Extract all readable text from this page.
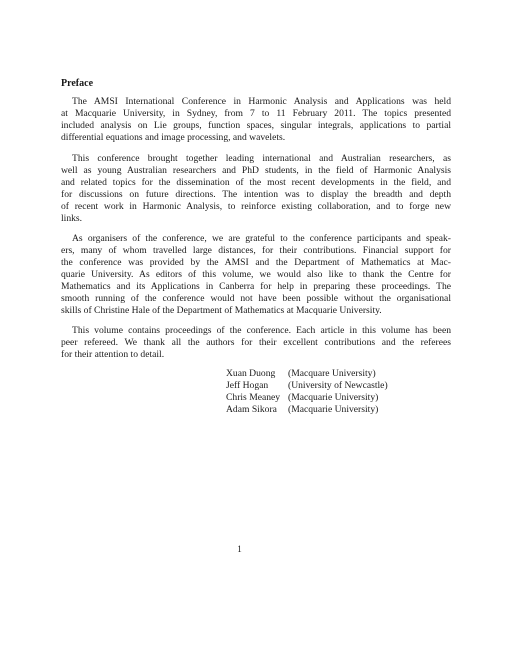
Preface
The AMSI International Conference in Harmonic Analysis and Applications was held
at Macquarie University, in Sydney, from 7 to 11 February 2011. The topics presented
included analysis on Lie groups, function spaces, singular integrals, applications to partial
differential equations and image processing, and wavelets.
This conference brought together leading international and Australian researchers, as
well as young Australian researchers and PhD students, in the field of Harmonic Analysis
and related topics for the dissemination of the most recent developments in the field, and
for discussions on future directions. The intention was to display the breadth and depth
of recent work in Harmonic Analysis, to reinforce existing collaboration, and to forge new
links.
As organisers of the conference, we are grateful to the conference participants and speak-
ers, many of whom travelled large distances, for their contributions. Financial support for
the conference was provided by the AMSI and the Department of Mathematics at Mac-
quarie University. As editors of this volume, we would also like to thank the Centre for
Mathematics and its Applications in Canberra for help in preparing these proceedings. The
smooth running of the conference would not have been possible without the organisational
skills of Christine Hale of the Department of Mathematics at Macquarie University.
This volume contains proceedings of the conference. Each article in this volume has been
peer refereed. We thank all the authors for their excellent contributions and the referees
for their attention to detail.
Xuan Duong	(Macquare University)
Jeff Hogan	(University of Newcastle)
Chris Meaney (Macquarie University)
Adam Sikora	(Macquarie University)
1
